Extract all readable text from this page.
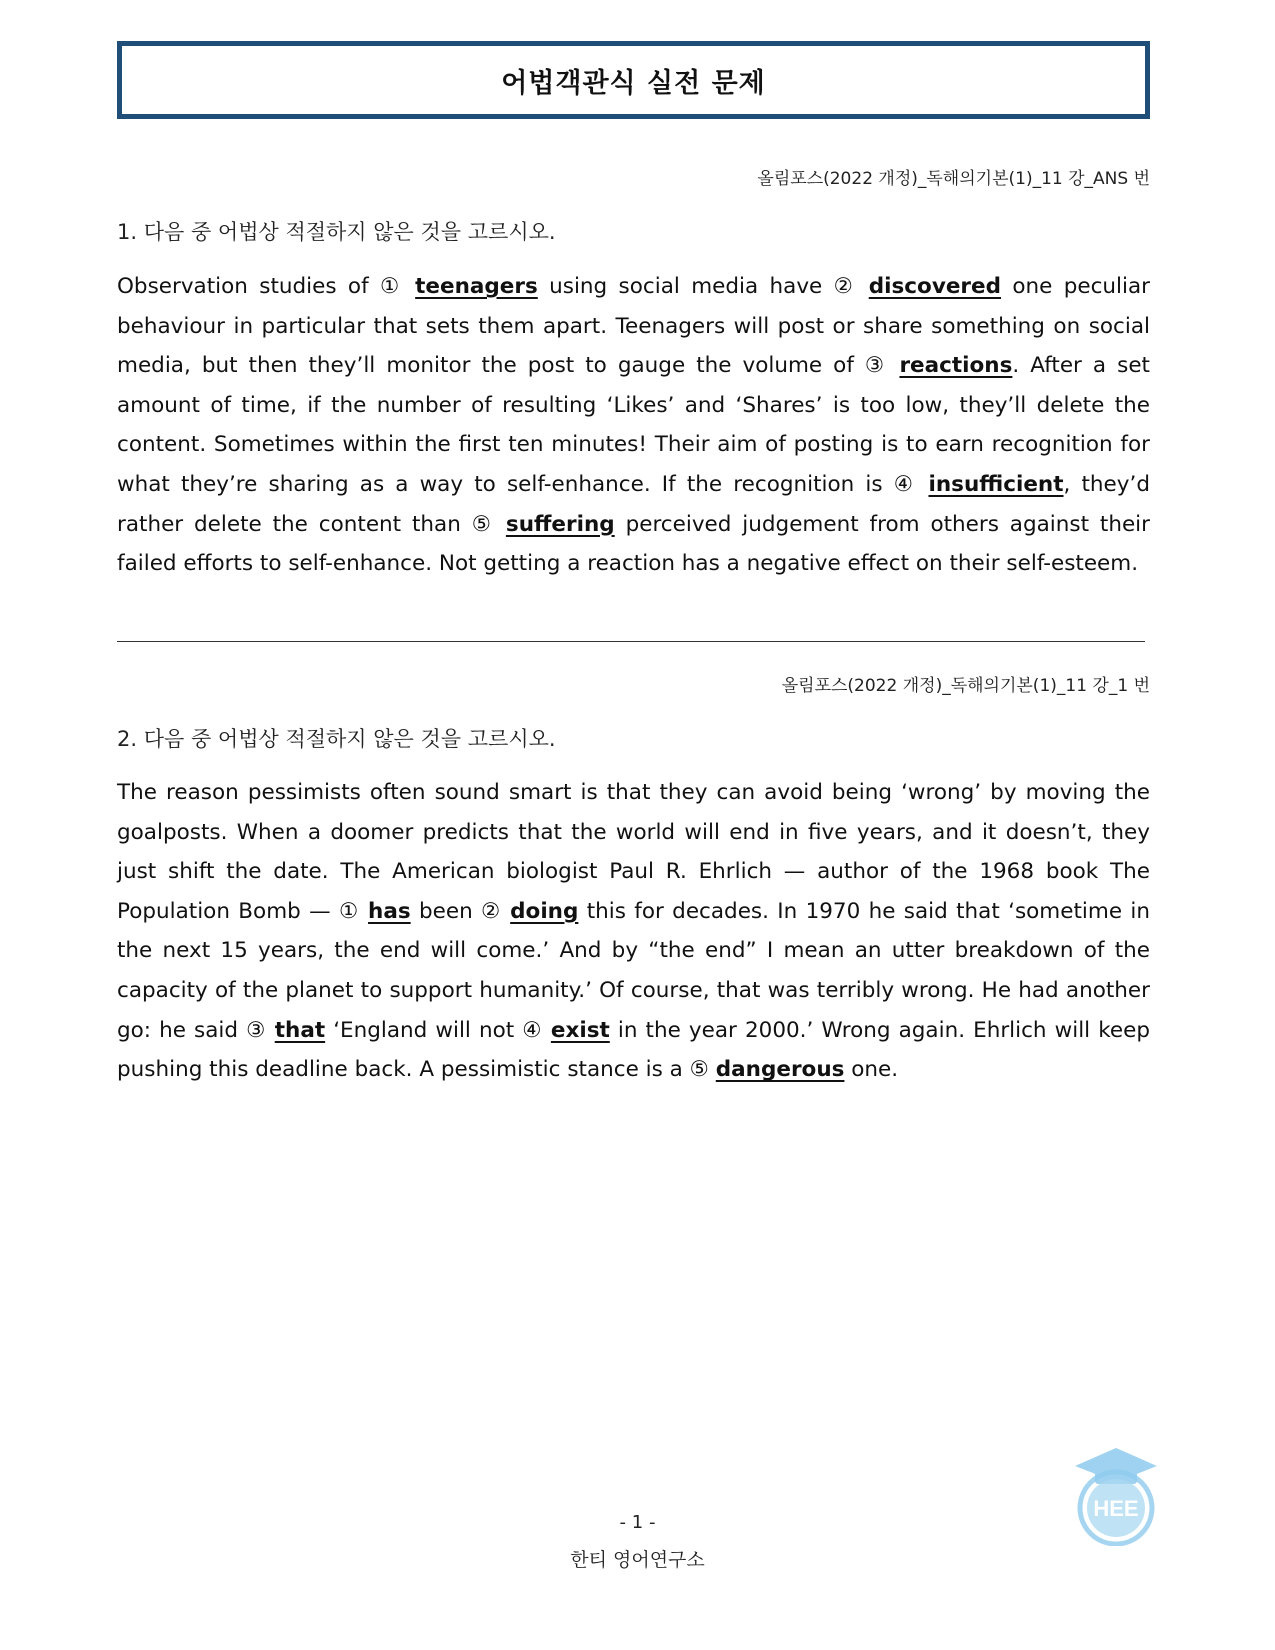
어법객관식 실전 문제
올림포스(2022 개정)_독해의기본(1)_11 강_ANS 번
1. 다음 중 어법상 적절하지 않은 것을 고르시오.

Observation studies of ① teenagers using social media have ② discovered one peculiar behaviour in particular that sets them apart. Teenagers will post or share something on social media, but then they’ll monitor the post to gauge the volume of ③ reactions. After a set amount of time, if the number of resulting ‘Likes’ and ‘Shares’ is too low, they’ll delete the content. Sometimes within the first ten minutes! Their aim of posting is to earn recognition for what they’re sharing as a way to self-enhance. If the recognition is ④ insufficient, they’d rather delete the content than ⑤ suffering perceived judgement from others against their failed efforts to self-enhance. Not getting a reaction has a negative effect on their self-esteem.

올림포스(2022 개정)_독해의기본(1)_11 강_1 번
2. 다음 중 어법상 적절하지 않은 것을 고르시오.

The reason pessimists often sound smart is that they can avoid being ‘wrong’ by moving the goalposts. When a doomer predicts that the world will end in five years, and it doesn’t, they just shift the date. The American biologist Paul R. Ehrlich — author of the 1968 book The Population Bomb — ① has been ② doing this for decades. In 1970 he said that ‘sometime in the next 15 years, the end will come.’ And by “the end” I mean an utter breakdown of the capacity of the planet to support humanity.’ Of course, that was terribly wrong. He had another go: he said ③ that ‘England will not ④ exist in the year 2000.’ Wrong again. Ehrlich will keep pushing this deadline back. A pessimistic stance is a ⑤ dangerous one.

- 1 -
한티 영어연구소
HEE
